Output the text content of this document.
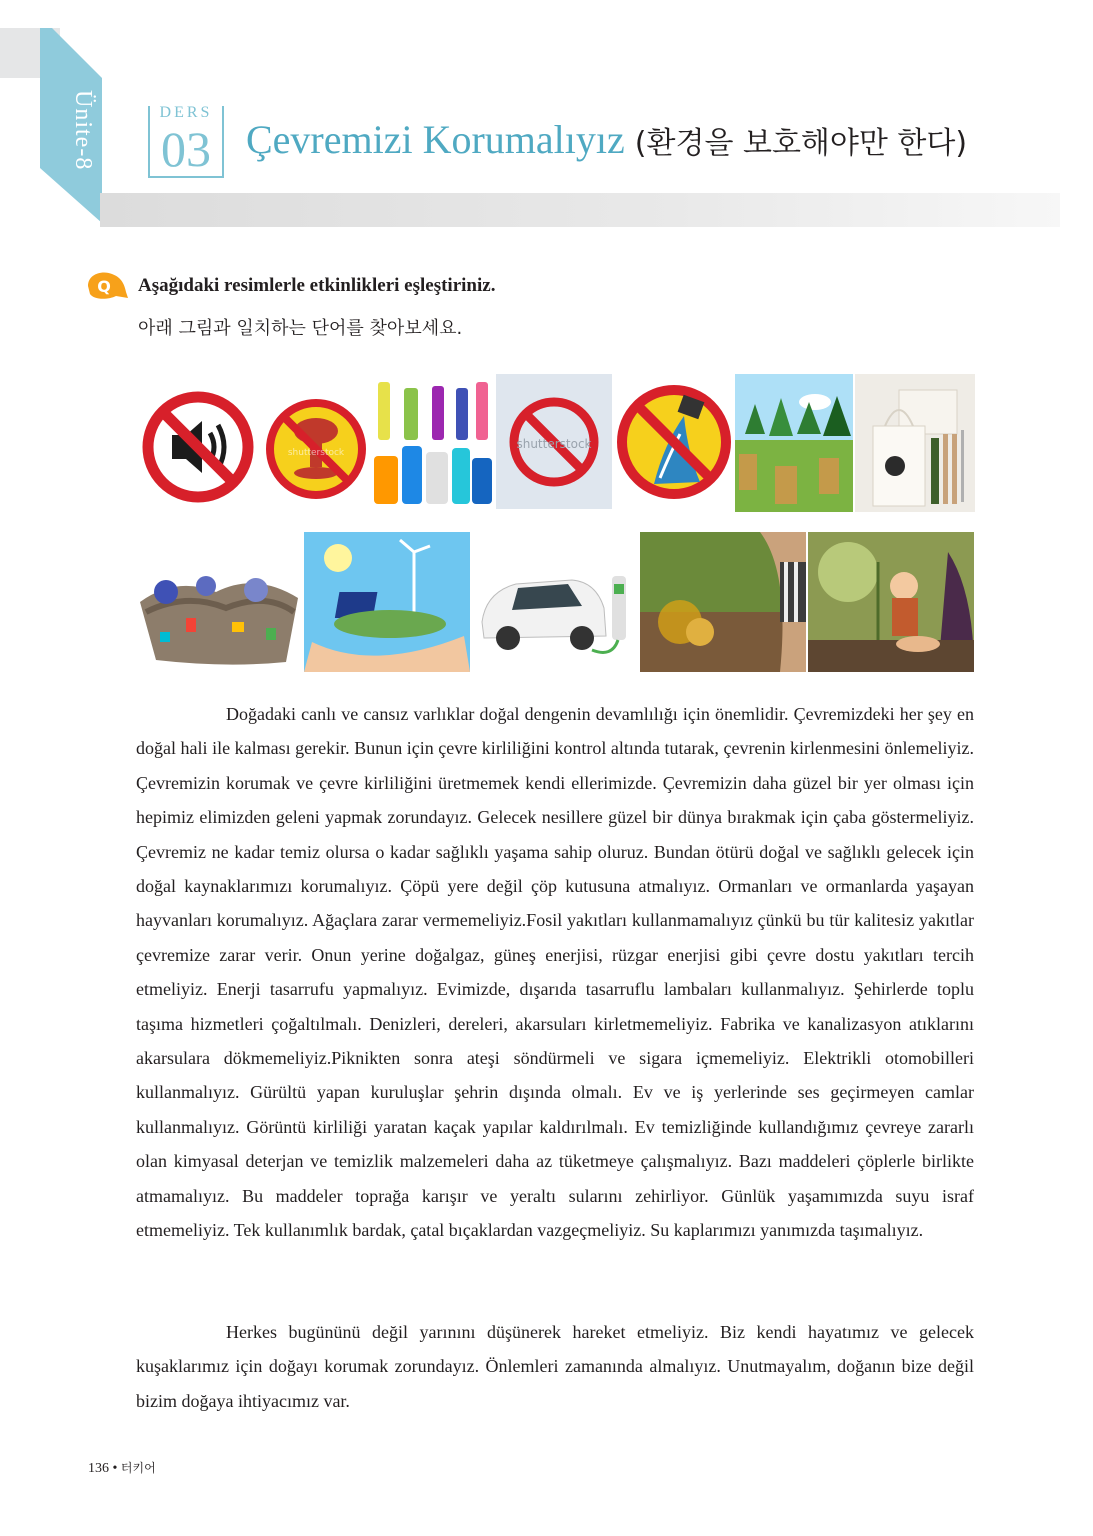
Ünite-8	DERS
03 Çevremizi Korumalıyız (환경을 보호해야만 한다)
Q Aşağıdaki resimlerle etkinlikleri eşleştiriniz.
아래 그림과 일치하는 단어를 찾아보세요.
shutterstock
shutterstock

Doğadaki canlı ve cansız varlıklar doğal dengenin devamlılığı için önemlidir. Çevremizdeki her şey en doğal hali ile kalması gerekir. Bunun için çevre kirliliğini kontrol altında tutarak, çevrenin kirlenmesini önlemeliyiz. Çevremizin korumak ve çevre kirliliğini üretmemek kendi ellerimizde. Çevremizin daha güzel bir yer olması için hepimiz elimizden geleni yapmak zorundayız. Gelecek nesillere güzel bir dünya bırakmak için çaba göstermeliyiz. Çevremiz ne kadar temiz olursa o kadar sağlıklı yaşama sahip oluruz. Bundan ötürü doğal ve sağlıklı gelecek için doğal kaynaklarımızı korumalıyız. Çöpü yere değil çöp kutusuna atmalıyız. Ormanları ve ormanlarda yaşayan hayvanları korumalıyız. Ağaçlara zarar vermemeliyiz.Fosil yakıtları kullanmamalıyız çünkü bu tür kalitesiz yakıtlar çevremize zarar verir. Onun yerine doğalgaz, güneş enerjisi, rüzgar enerjisi gibi çevre dostu yakıtları tercih etmeliyiz. Enerji tasarrufu yapmalıyız. Evimizde, dışarıda tasarruflu lambaları kullanmalıyız. Şehirlerde toplu taşıma hizmetleri çoğaltılmalı. Denizleri, dereleri, akarsuları kirletmemeliyiz. Fabrika ve kanalizasyon atıklarını akarsulara dökmemeliyiz.Piknikten sonra ateşi söndürmeli ve sigara içmemeliyiz. Elektrikli otomobilleri kullanmalıyız. Gürültü yapan kuruluşlar şehrin dışında olmalı. Ev ve iş yerlerinde ses geçirmeyen camlar kullanmalıyız. Görüntü kirliliği yaratan kaçak yapılar kaldırılmalı. Ev temizliğinde kullandığımız çevreye zararlı olan kimyasal deterjan ve temizlik malzemeleri daha az tüketmeye çalışmalıyız. Bazı maddeleri çöplerle birlikte atmamalıyız. Bu maddeler toprağa karışır ve yeraltı sularını zehirliyor. Günlük yaşamımızda suyu israf etmemeliyiz. Tek kullanımlık bardak, çatal bıçaklardan vazgeçmeliyiz. Su kaplarımızı yanımızda taşımalıyız.

Herkes bugününü değil yarınını düşünerek hareket etmeliyiz. Biz kendi hayatımız ve gelecek kuşaklarımız için doğayı korumak zorundayız. Önlemleri zamanında almalıyız. Unutmayalım, doğanın bize değil bizim doğaya ihtiyacımız var.

136 • 터키어
